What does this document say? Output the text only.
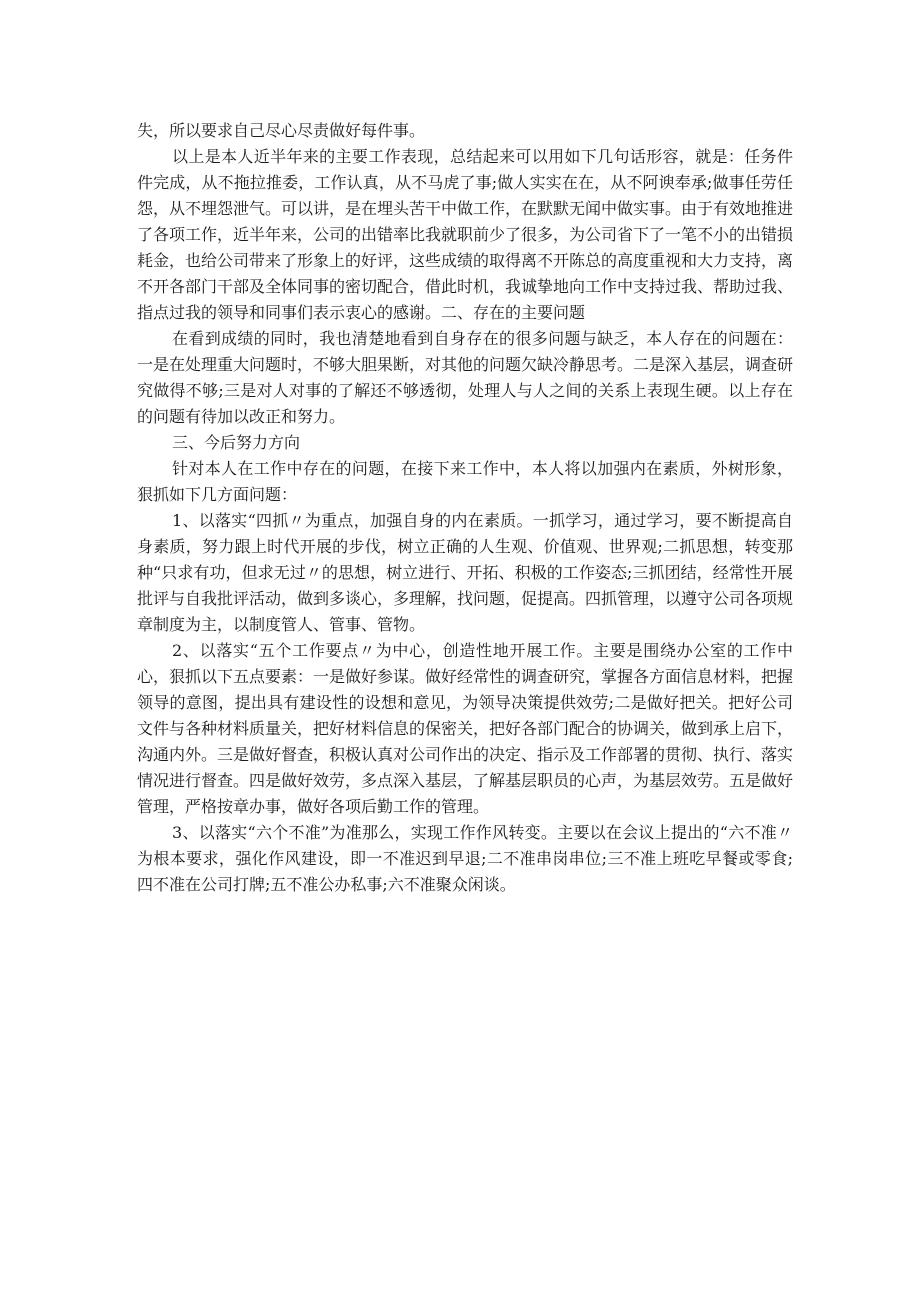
失，所以要求自己尽心尽责做好每件事。

以上是本人近半年来的主要工作表现，总结起来可以用如下几句话形容，就是：任务件件完成，从不拖拉推委，工作认真，从不马虎了事;做人实实在在，从不阿谀奉承;做事任劳任怨，从不埋怨泄气。可以讲，是在埋头苦干中做工作，在默默无闻中做实事。由于有效地推进了各项工作，近半年来，公司的出错率比我就职前少了很多，为公司省下了一笔不小的出错损耗金，也给公司带来了形象上的好评，这些成绩的取得离不开陈总的高度重视和大力支持，离不开各部门干部及全体同事的密切配合，借此时机，我诚挚地向工作中支持过我、帮助过我、指点过我的领导和同事们表示衷心的感谢。二、存在的主要问题

在看到成绩的同时，我也清楚地看到自身存在的很多问题与缺乏，本人存在的问题在：一是在处理重大问题时，不够大胆果断，对其他的问题欠缺冷静思考。二是深入基层，调查研究做得不够;三是对人对事的了解还不够透彻，处理人与人之间的关系上表现生硬。以上存在的问题有待加以改正和努力。

三、今后努力方向

针对本人在工作中存在的问题，在接下来工作中，本人将以加强内在素质，外树形象，狠抓如下几方面问题：

1、以落实“四抓〃为重点，加强自身的内在素质。一抓学习，通过学习，要不断提高自身素质，努力跟上时代开展的步伐，树立正确的人生观、价值观、世界观;二抓思想，转变那种“只求有功，但求无过〃的思想，树立进行、开拓、积极的工作姿态;三抓团结，经常性开展批评与自我批评活动，做到多谈心，多理解，找问题，促提高。四抓管理，以遵守公司各项规章制度为主，以制度管人、管事、管物。

2、以落实“五个工作要点〃为中心，创造性地开展工作。主要是围绕办公室的工作中心，狠抓以下五点要素：一是做好参谋。做好经常性的调查研究，掌握各方面信息材料，把握领导的意图，提出具有建设性的设想和意见，为领导决策提供效劳;二是做好把关。把好公司文件与各种材料质量关，把好材料信息的保密关，把好各部门配合的协调关，做到承上启下，沟通内外。三是做好督查，积极认真对公司作出的决定、指示及工作部署的贯彻、执行、落实情况进行督查。四是做好效劳，多点深入基层，了解基层职员的心声，为基层效劳。五是做好管理，严格按章办事，做好各项后勤工作的管理。

3、以落实“六个不准”为准那么，实现工作作风转变。主要以在会议上提出的“六不准〃为根本要求，强化作风建设，即一不准迟到早退;二不准串岗串位;三不准上班吃早餐或零食;四不准在公司打牌;五不准公办私事;六不准聚众闲谈。
